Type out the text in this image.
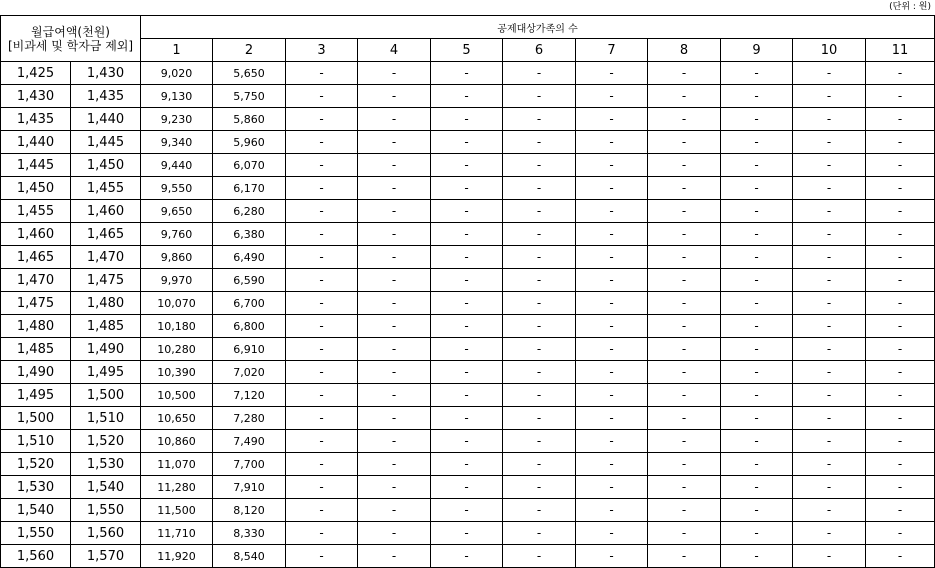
(단위 : 원)
월급여액(천원)
[비과세 및 학자금 제외]		공제대상가족의 수										
		1	2	3	4	5	6	7	8	9	10	11
1,425	1,430	9,020	5,650	-	-	-	-	-	-	-	-	-
1,430	1,435	9,130	5,750	-	-	-	-	-	-	-	-	-
1,435	1,440	9,230	5,860	-	-	-	-	-	-	-	-	-
1,440	1,445	9,340	5,960	-	-	-	-	-	-	-	-	-
1,445	1,450	9,440	6,070	-	-	-	-	-	-	-	-	-
1,450	1,455	9,550	6,170	-	-	-	-	-	-	-	-	-
1,455	1,460	9,650	6,280	-	-	-	-	-	-	-	-	-
1,460	1,465	9,760	6,380	-	-	-	-	-	-	-	-	-
1,465	1,470	9,860	6,490	-	-	-	-	-	-	-	-	-
1,470	1,475	9,970	6,590	-	-	-	-	-	-	-	-	-
1,475	1,480	10,070	6,700	-	-	-	-	-	-	-	-	-
1,480	1,485	10,180	6,800	-	-	-	-	-	-	-	-	-
1,485	1,490	10,280	6,910	-	-	-	-	-	-	-	-	-
1,490	1,495	10,390	7,020	-	-	-	-	-	-	-	-	-
1,495	1,500	10,500	7,120	-	-	-	-	-	-	-	-	-
1,500	1,510	10,650	7,280	-	-	-	-	-	-	-	-	-
1,510	1,520	10,860	7,490	-	-	-	-	-	-	-	-	-
1,520	1,530	11,070	7,700	-	-	-	-	-	-	-	-	-
1,530	1,540	11,280	7,910	-	-	-	-	-	-	-	-	-
1,540	1,550	11,500	8,120	-	-	-	-	-	-	-	-	-
1,550	1,560	11,710	8,330	-	-	-	-	-	-	-	-	-
1,560	1,570	11,920	8,540	-	-	-	-	-	-	-	-	-
